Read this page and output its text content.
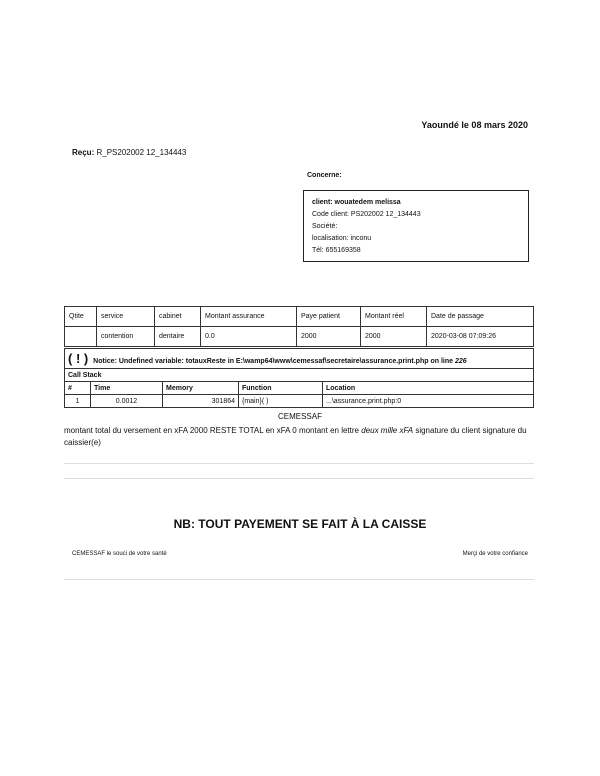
Yaoundé le 08 mars 2020
Reçu: R_PS202002 12_134443
Concerne:
client: wouatedem melissa
Code client: PS202002 12_134443
Société:
localisation: inconu
Tél: 655169358
Qtite	service	cabinet	Montant assurance	Paye patient	Montant réel	Date de passage
	contention	dentaire	0.0	2000	2000	2020-03-08 07:09:26
( ! ) Notice: Undefined variable: totauxReste in E:\wamp64\www\cemessaf\secretaire\assurance.print.php on line 226
Call Stack				
#	Time	Memory	Function	Location
1	0.0012	301864	{main}( )	...\assurance.print.php:0
CEMESSAF
montant total du versement en xFA 2000 RESTE TOTAL en xFA 0 montant en lettre deux mille xFA signature du client signature du caissier(e)
NB: TOUT PAYEMENT SE FAIT À LA CAISSE
CEMESSAF le souci de votre santé	Merçi de votre confiance
